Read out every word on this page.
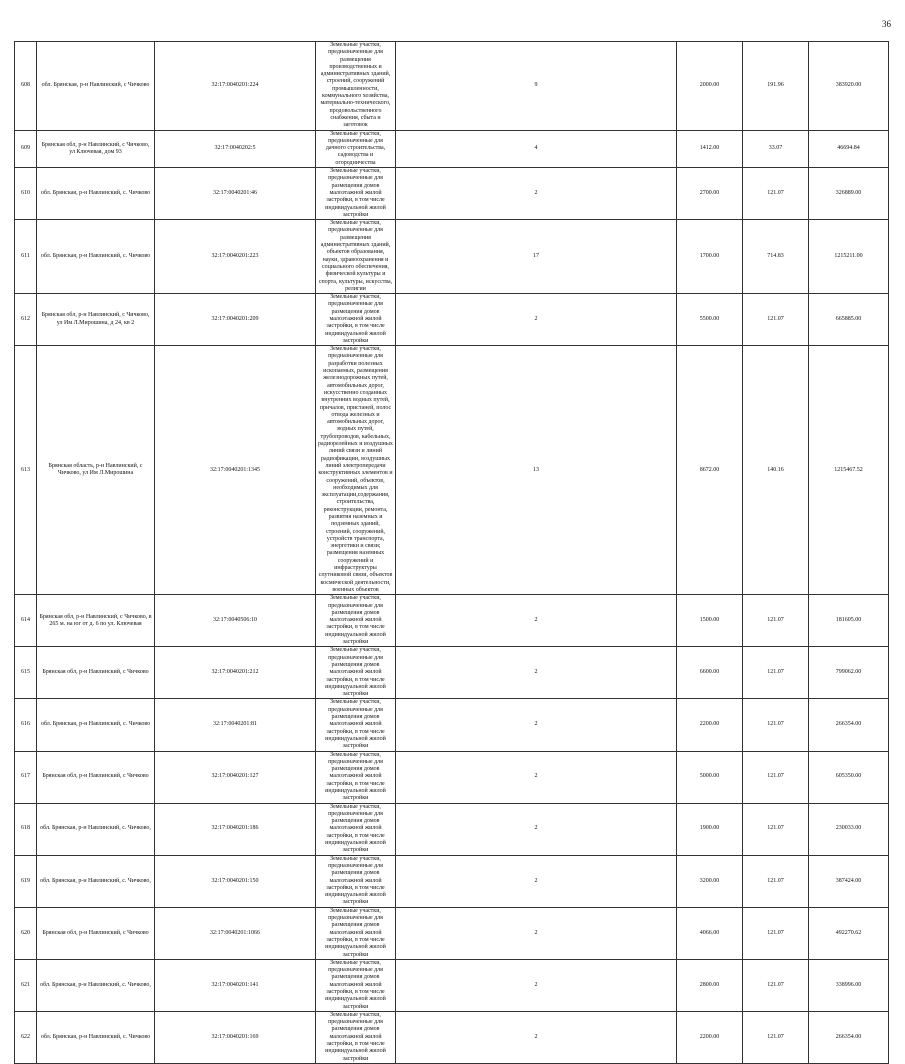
36
608	обл. Брянская, р-н Навлинский, с Чичково	32:17:0040201:224	Земельные участки, предназначенные для размещения производственных и административных зданий, строений, сооружений промышленности, коммунального хозяйства, материально-технического, продовольственного снабжения, сбыта и заготовок	9	2000.00	191.96	383920.00
609	Брянская обл, р-н Навлинский, с Чичково, ул Ключевая, дом 93	32:17:0040202:5	Земельные участки, предназначенные для дачного строительства, садоводства и огородничества	4	1412.00	33.07	46694.84
610	обл. Брянская, р-н Навлинский, с. Чичково	32:17:0040201:46	Земельные участки, предназначенные для размещения домов малоэтажной жилой застройки, в том числе индивидуальной жилой застройки	2	2700.00	121.07	326889.00
611	обл. Брянская, р-н Навлинский, с. Чичково	32:17:0040201:223	Земельные участки, предназначенные для размещения административных зданий, объектов образования, науки, здравоохранения и социального обеспечения, физической культуры и спорта, культуры, искусства, религии	17	1700.00	714.83	1215211.00
612	Брянская обл, р-н Навлинский, с Чичково, ул Им Л.Мирошина, д 24, кв 2	32:17:0040201:209	Земельные участки, предназначенные для размещения домов малоэтажной жилой застройки, в том числе индивидуальной жилой застройки	2	5500.00	121.07	665885.00
613	Брянская область, р-н Навлинский, с Чичково, ул Им Л.Мирошина	32:17:0040201:1345	Земельные участки, предназначенные для разработки полезных ископаемых, размещения железнодорожных путей, автомобильных дорог, искусственно созданных внутренних водных путей, причалов, пристаней, полос отвода железных и автомобильных дорог, водных путей, трубопроводов, кабельных, радиорелейных и воздушных линий связи и линий радиофикации, воздушных линий электропередачи конструктивных элементов и сооружений, объектов, необходимых для эксплуатации,содержания, строительства, реконструкции, ремонта, развития наземных и подземных зданий, строений, сооружений, устройств транспорта, энергетики и связи; размещения наземных сооружений и инфраструктуры спутниковой связи, объектов космической деятельности, военных объектов	13	8672.00	140.16	1215467.52
614	Брянская обл, р-н Навлинский, с Чичково, в 265 м. на юг от д. 6 по ул. Ключевая	32:17:0040506:10	Земельные участки, предназначенные для размещения домов малоэтажной жилой застройки, в том числе индивидуальной жилой застройки	2	1500.00	121.07	181605.00
615	Брянская обл, р-н Навлинский, с Чичково	32:17:0040201:212	Земельные участки, предназначенные для размещения домов малоэтажной жилой застройки, в том числе индивидуальной жилой застройки	2	6600.00	121.07	799062.00
616	обл. Брянская, р-н Навлинский, с. Чичково	32:17:0040201:81	Земельные участки, предназначенные для размещения домов малоэтажной жилой застройки, в том числе индивидуальной жилой застройки	2	2200.00	121.07	266354.00
617	Брянская обл, р-н Навлинский, с Чичково	32:17:0040201:127	Земельные участки, предназначенные для размещения домов малоэтажной жилой застройки, в том числе индивидуальной жилой застройки	2	5000.00	121.07	605350.00
618	обл. Брянская, р-н Навлинский, с. Чичково,	32:17:0040201:186	Земельные участки, предназначенные для размещения домов малоэтажной жилой застройки, в том числе индивидуальной жилой застройки	2	1900.00	121.07	230033.00
619	обл. Брянская, р-н Навлинский, с. Чичково,	32:17:0040201:150	Земельные участки, предназначенные для размещения домов малоэтажной жилой застройки, в том числе индивидуальной жилой застройки	2	3200.00	121.07	387424.00
620	Брянская обл, р-н Навлинский, с Чичково	32:17:0040201:1066	Земельные участки, предназначенные для размещения домов малоэтажной жилой застройки, в том числе индивидуальной жилой застройки	2	4066.00	121.07	492270.62
621	обл. Брянская, р-н Навлинский, с. Чичково,	32:17:0040201:141	Земельные участки, предназначенные для размещения домов малоэтажной жилой застройки, в том числе индивидуальной жилой застройки	2	2800.00	121.07	338996.00
622	обл. Брянская, р-н Навлинский, с. Чичково	32:17:0040201:169	Земельные участки, предназначенные для размещения домов малоэтажной жилой застройки, в том числе индивидуальной жилой застройки	2	2200.00	121.07	266354.00
